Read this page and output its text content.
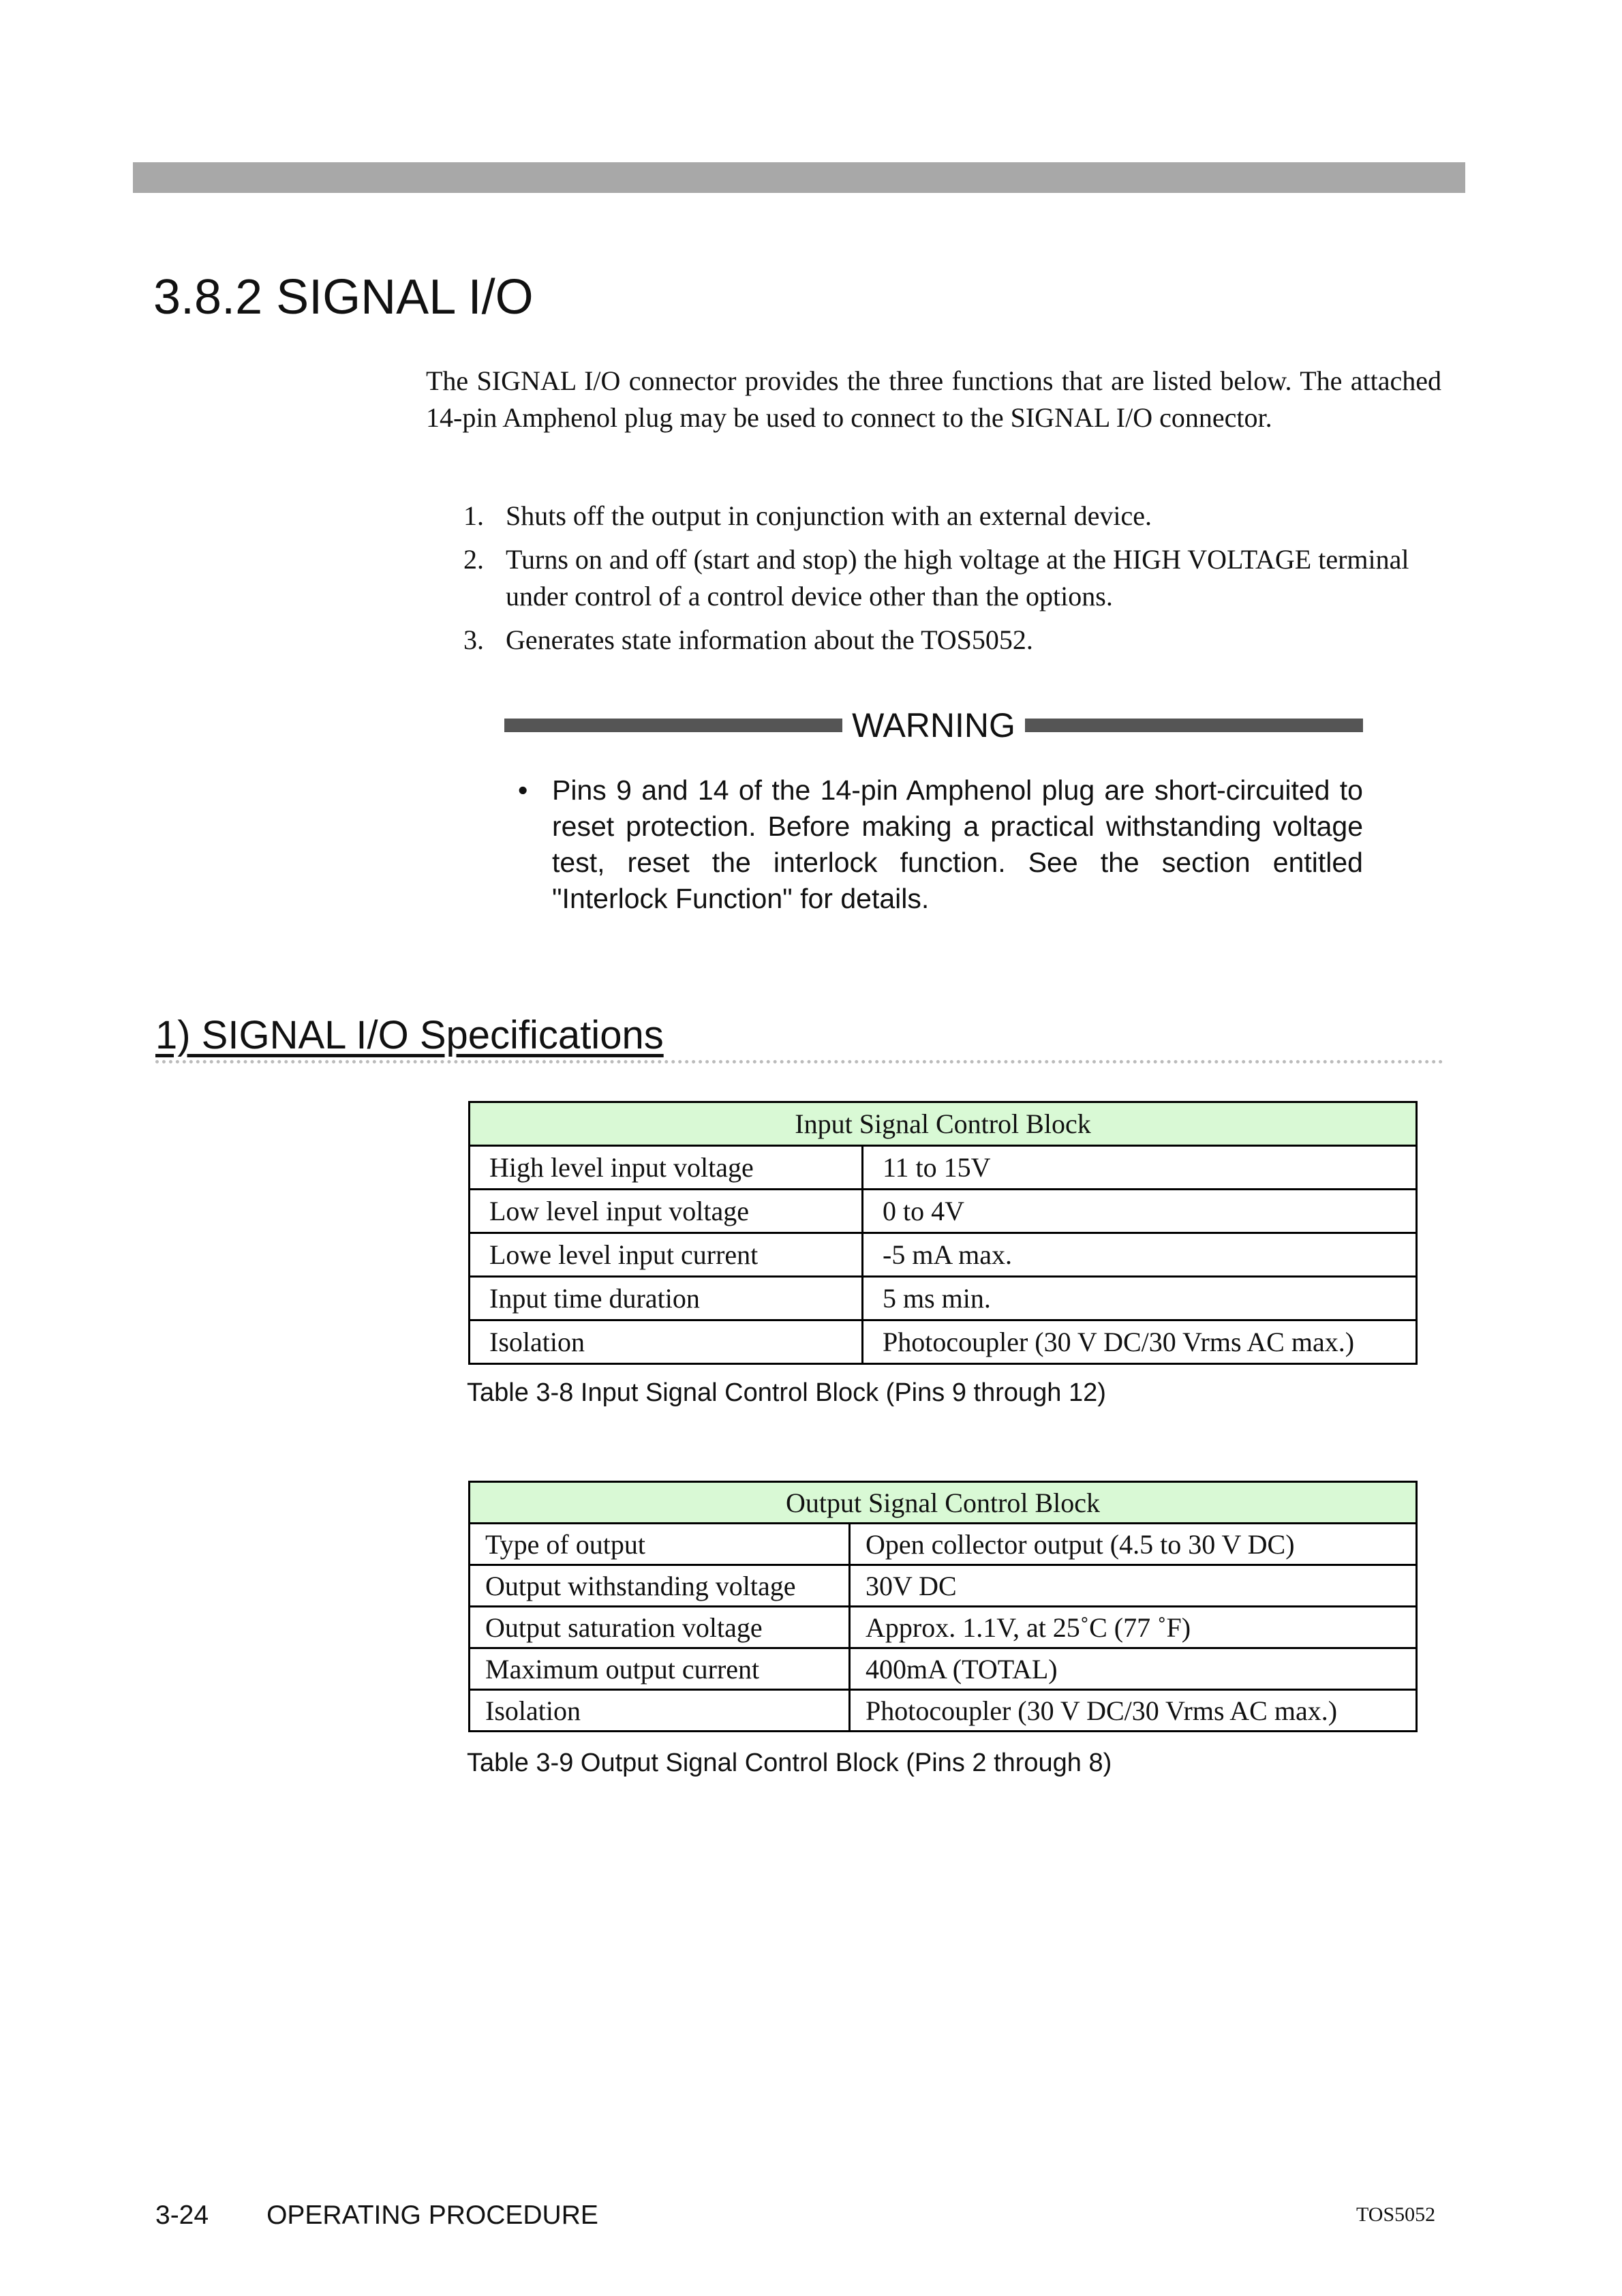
3.8.2 SIGNAL I/O

The SIGNAL I/O connector provides the three functions that are listed below. The attached 14-pin Amphenol plug may be used to connect to the SIGNAL I/O connector.

1. Shuts off the output in conjunction with an external device.
2. Turns on and off (start and stop) the high voltage at the HIGH VOLTAGE terminal under control of a control device other than the options.
3. Generates state information about the TOS5052.
WARNING
• Pins 9 and 14 of the 14-pin Amphenol plug are short-circuited to reset protection. Before making a practical withstanding voltage test, reset the interlock function. See the section entitled "Interlock Function" for details.
1) SIGNAL I/O Specifications
Input Signal Control Block	
High level input voltage	11 to 15V
Low level input voltage	0 to 4V
Lowe level input current	-5 mA max.
Input time duration	5 ms min.
Isolation	Photocoupler (30 V DC/30 Vrms AC max.)

Table 3-8 Input Signal Control Block (Pins 9 through 12)

Output Signal Control Block	
Type of output	Open collector output (4.5 to 30 V DC)
Output withstanding voltage	30V DC
Output saturation voltage	Approx. 1.1V, at 25˚C (77 ˚F)
Maximum output current	400mA (TOTAL)
Isolation	Photocoupler (30 V DC/30 Vrms AC max.)

Table 3-9 Output Signal Control Block (Pins 2 through 8)

3-24 OPERATING PROCEDURE	TOS5052
